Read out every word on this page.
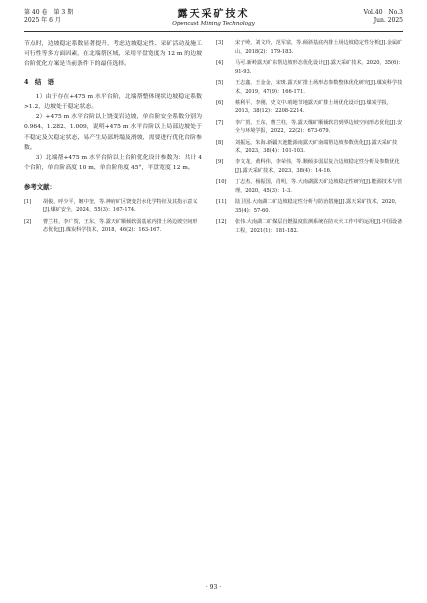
第 40 卷　第 3 期
2025 年 6 月
露天采矿技术
Opencast Mining Technology
Vol.40　No.3
Jun. 2025

节点时，边坡稳定系数显著提升，考虑边坡稳定性、采矿活动及施工可行性等多方面因素，在北端帮区域，采用平盘宽度为 12 m 的边坡台阶优化方案是当前条件下的最佳选择。

4　结　语

1）由于存在+475 m 水平台阶，北端帮整体现状边坡稳定系数>1.2，边坡处于稳定状态。

2）+475 m 水平台阶以上饶变岩边坡，单台阶安全系数分别为 0.964、1.282、1.009，说明+475 m 水平台阶以上局部边坡处于不稳定及欠稳定状态，易产生局部坍塌及滑坡，需要进行优化台阶参数。

3）北端帮+475 m 水平台阶以上台阶优化设计参数为：共计 4 个台阶，单台阶高度 10 m，单台阶角度 45°，平盘宽度 12 m。

参考文献：
[1] 胡俊，呼少平，姬中奎，等.神府矿区饶变岩水化学特征及其指示意义[J].煤矿安全，2024，55(3)：167-174.
[2] 曹兰柱，李广贺，王东，等.露天矿顺倾软弱基底内排土场边坡空间形态优化[J].煤炭科学技术，2018，46(2)：163-167.
[3] 宋子岭，刘文玲，范军富，等.倾斜基底内排土场边坡稳定性分析[J].金属矿山，2018(2)：179-183.
[4] 马可.新岭露天矿东帮边坡形态优化设计[J].露天采矿技术，2020，35(6)：91-93.
[5] 王志鑫，王金金，宋斑.露天矿排土场形态参数整体优化研究[J].煤炭科学技术，2019，47(9)：166-171.
[6] 蔡利平，李刚，史文中.哨地节地露天矿排土场优化设计[J].煤炭学报，2013，38(12)：2208-2214.
[7] 李广贺，王东，曹兰柱，等.露天煤矿顺倾软岩到界边坡空间形态优化[J].安全与环境学报，2022，22(2)：673-679.
[8] 刘振远，朱海.新疆天池能源南露天矿南端帮边坡参数优化[J].露天采矿技术，2023，38(4)：101-103.
[9] 李文龙，黄科伟，李荣伟，等.顺倾多弱层复合边坡稳定性分析及参数优化[J].露天采矿技术，2023，38(4)：14-16.
[10] 丁志杰，杨振国，肖明，等.大南湖露天矿边坡稳定性研究[J].能源技术与管理，2020，45(3)：1-3.
[11] 陆卫国.大南湖二矿边坡稳定性分析与防治措施[J].露天采矿技术，2020，35(4)：57-60.
[12] 张伟.大南湖二矿煤层自燃温度监测系统在防灭火工作中的运用[J].中国设备工程，2021(1)：181-182.
· 93 ·
